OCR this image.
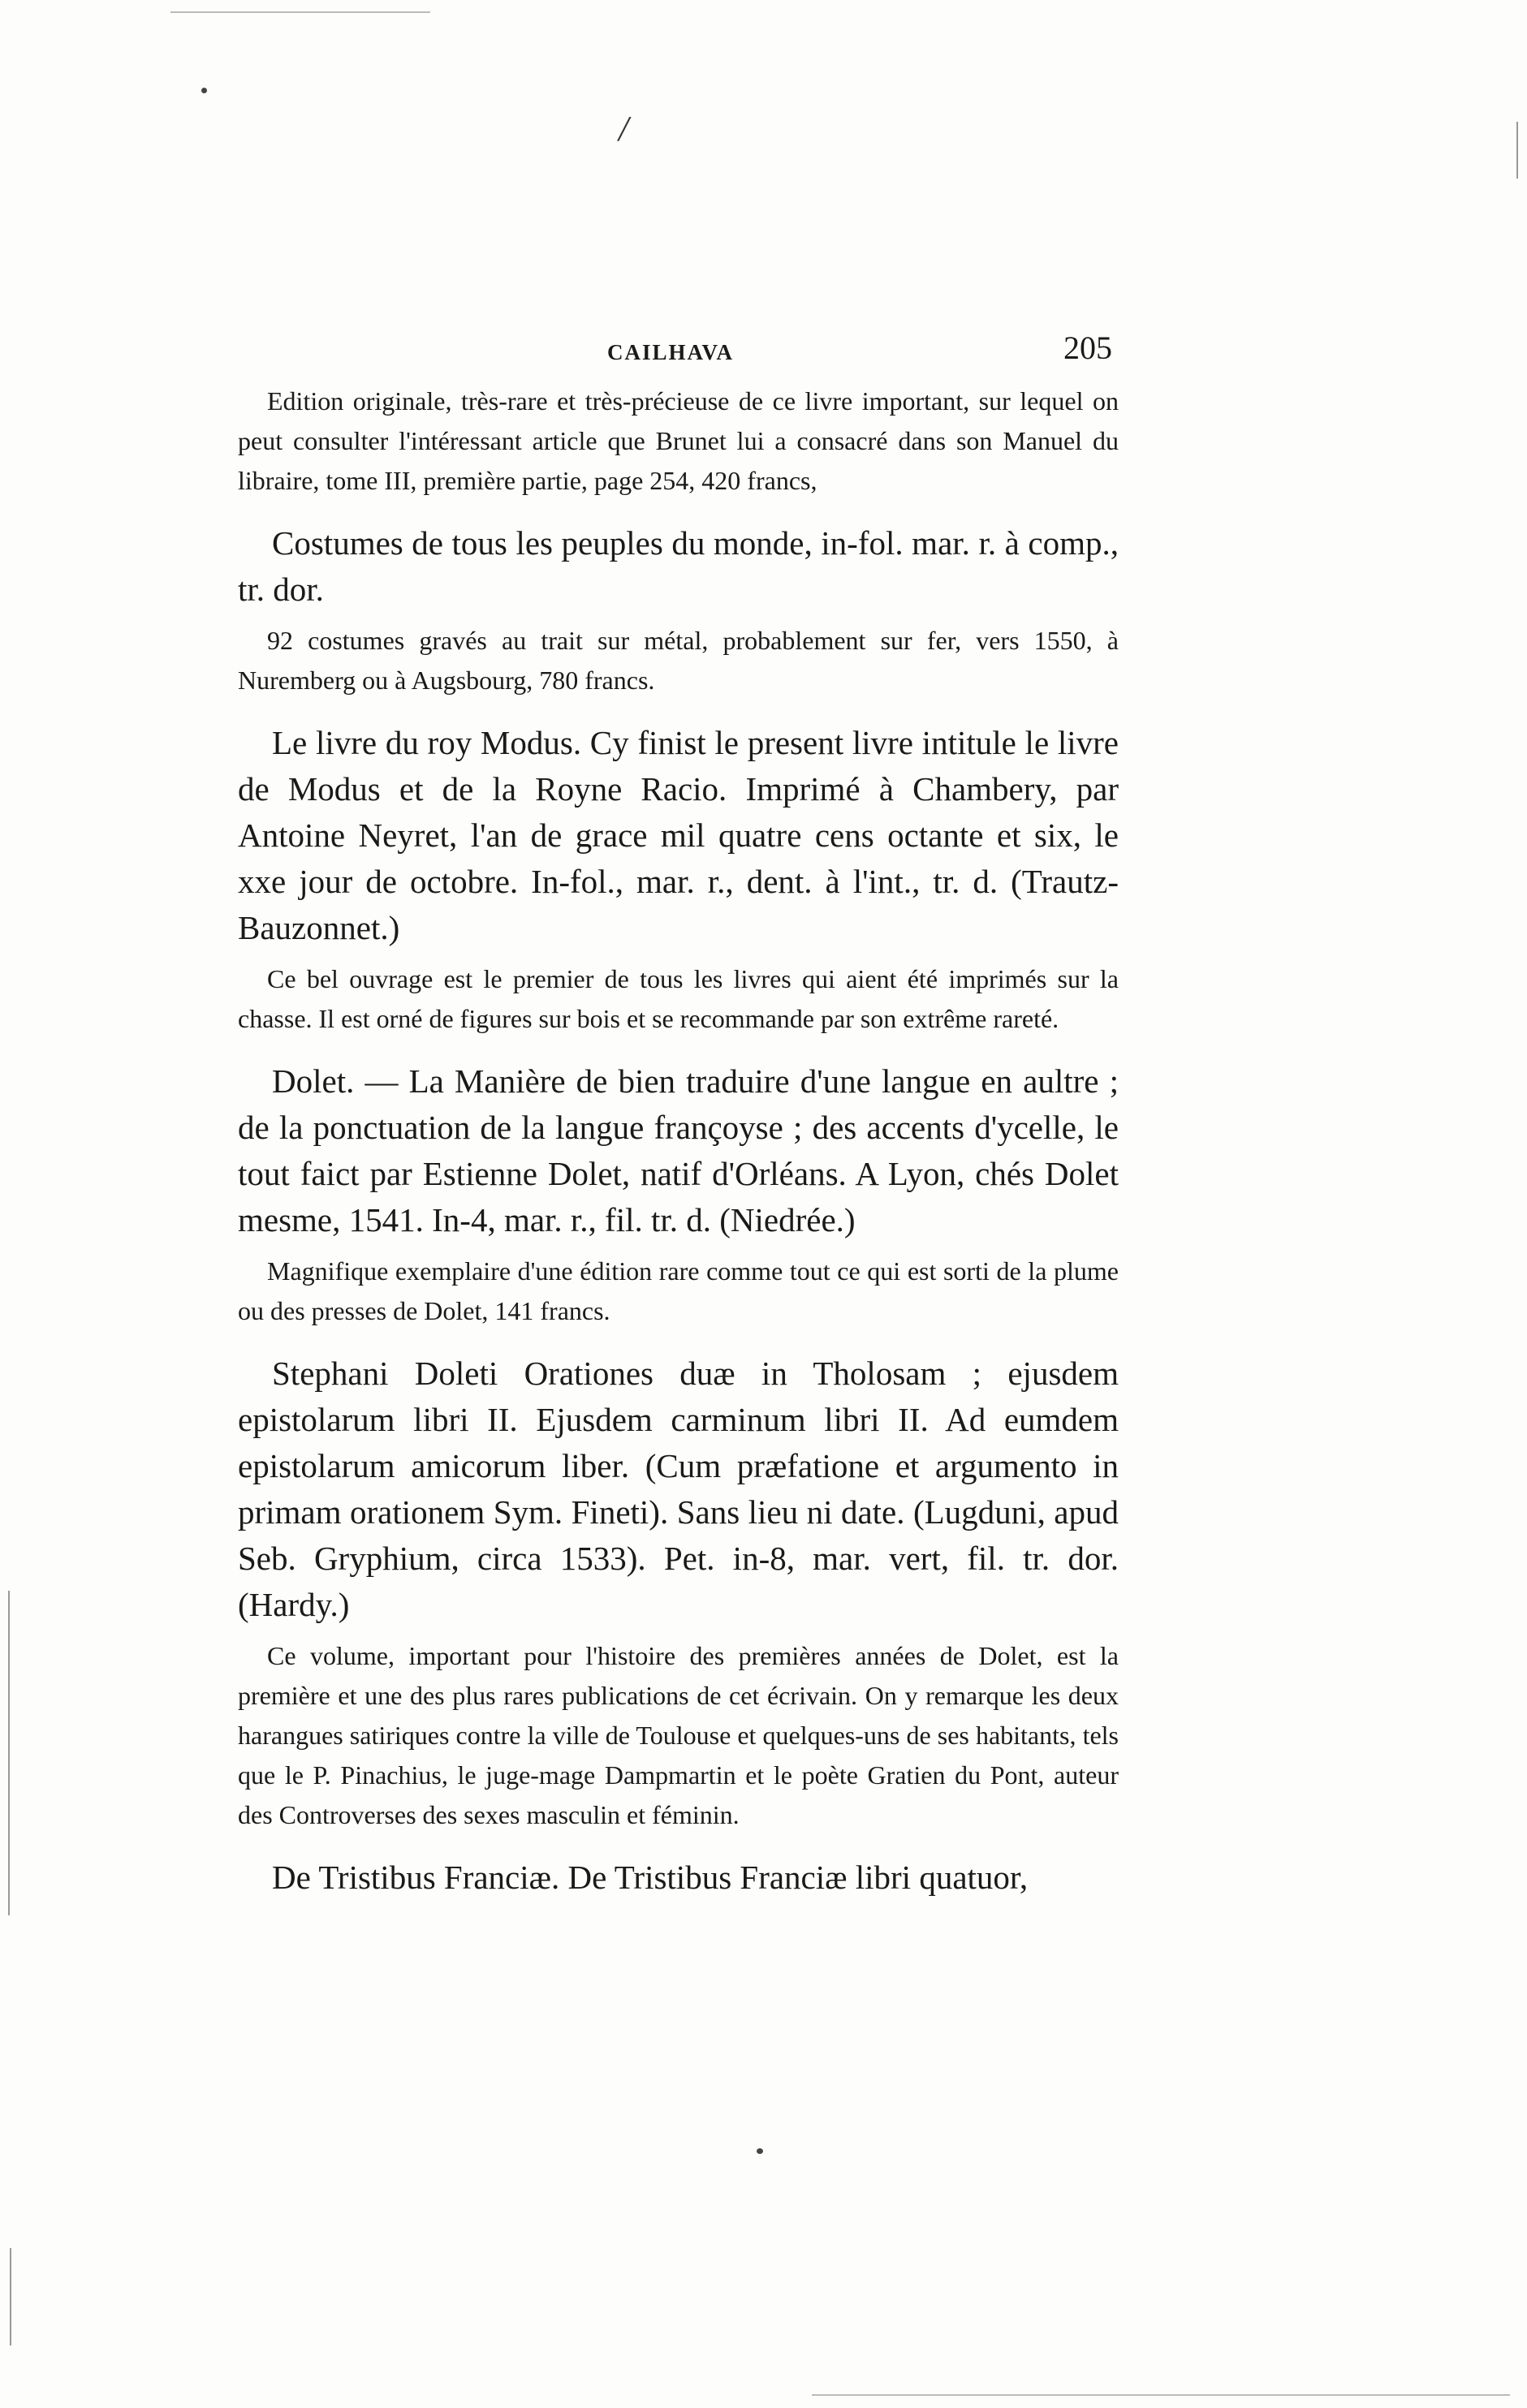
/
CAILHAVA	205

Edition originale, très-rare et très-précieuse de ce livre important, sur lequel on peut consulter l'intéressant article que Brunet lui a consacré dans son Manuel du libraire, tome III, première partie, page 254, 420 francs,

Costumes de tous les peuples du monde, in-fol. mar. r. à comp., tr. dor.

92 costumes gravés au trait sur métal, probablement sur fer, vers 1550, à Nuremberg ou à Augsbourg, 780 francs.

Le livre du roy Modus. Cy finist le present livre intitule le livre de Modus et de la Royne Racio. Imprimé à Chambery, par Antoine Neyret, l'an de grace mil quatre cens octante et six, le xxe jour de octobre. In-fol., mar. r., dent. à l'int., tr. d. (Trautz-Bauzonnet.)

Ce bel ouvrage est le premier de tous les livres qui aient été imprimés sur la chasse. Il est orné de figures sur bois et se recommande par son extrême rareté.

Dolet. — La Manière de bien traduire d'une langue en aultre ; de la ponctuation de la langue françoyse ; des accents d'ycelle, le tout faict par Estienne Dolet, natif d'Orléans. A Lyon, chés Dolet mesme, 1541. In-4, mar. r., fil. tr. d. (Niedrée.)

Magnifique exemplaire d'une édition rare comme tout ce qui est sorti de la plume ou des presses de Dolet, 141 francs.

Stephani Doleti Orationes duæ in Tholosam ; ejusdem epistolarum libri II. Ejusdem carminum libri II. Ad eumdem epistolarum amicorum liber. (Cum præfatione et argumento in primam orationem Sym. Fineti). Sans lieu ni date. (Lugduni, apud Seb. Gryphium, circa 1533). Pet. in-8, mar. vert, fil. tr. dor. (Hardy.)

Ce volume, important pour l'histoire des premières années de Dolet, est la première et une des plus rares publications de cet écrivain. On y remarque les deux harangues satiriques contre la ville de Toulouse et quelques-uns de ses habitants, tels que le P. Pinachius, le juge-mage Dampmartin et le poète Gratien du Pont, auteur des Controverses des sexes masculin et féminin.

De Tristibus Franciæ. De Tristibus Franciæ libri quatuor,
